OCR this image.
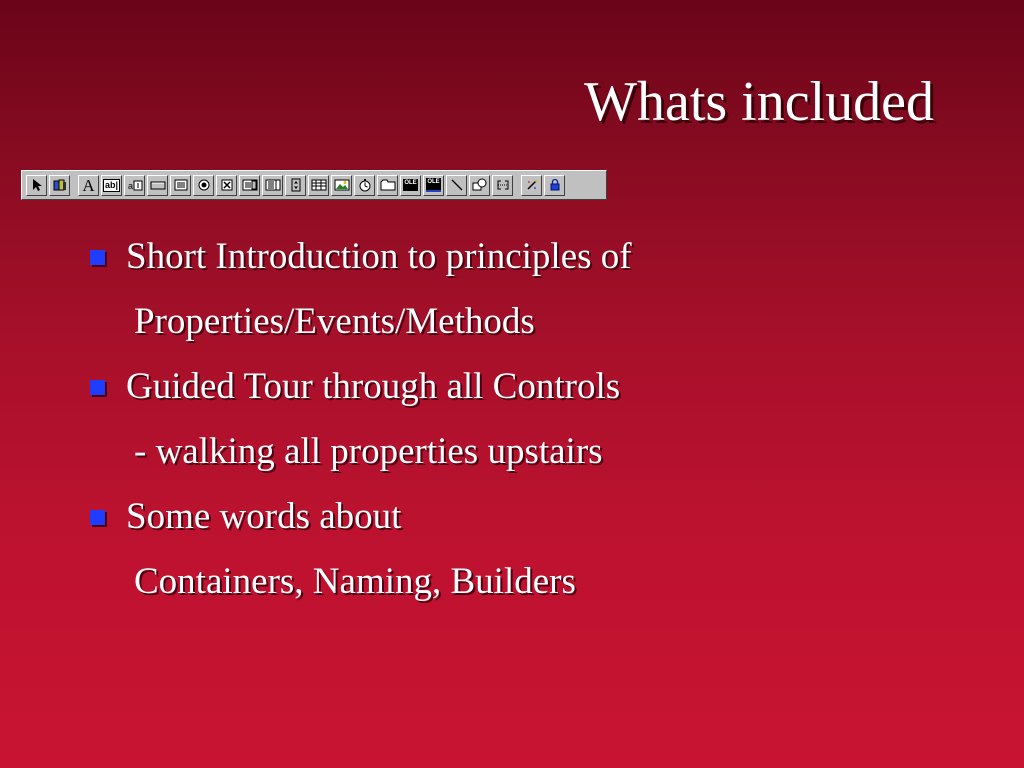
Whats included
A ab| a	OLE OLE
Short Introduction to principles of
Properties/Events/Methods
Guided Tour through all Controls
- walking all properties upstairs
Some words about
Containers, Naming, Builders
